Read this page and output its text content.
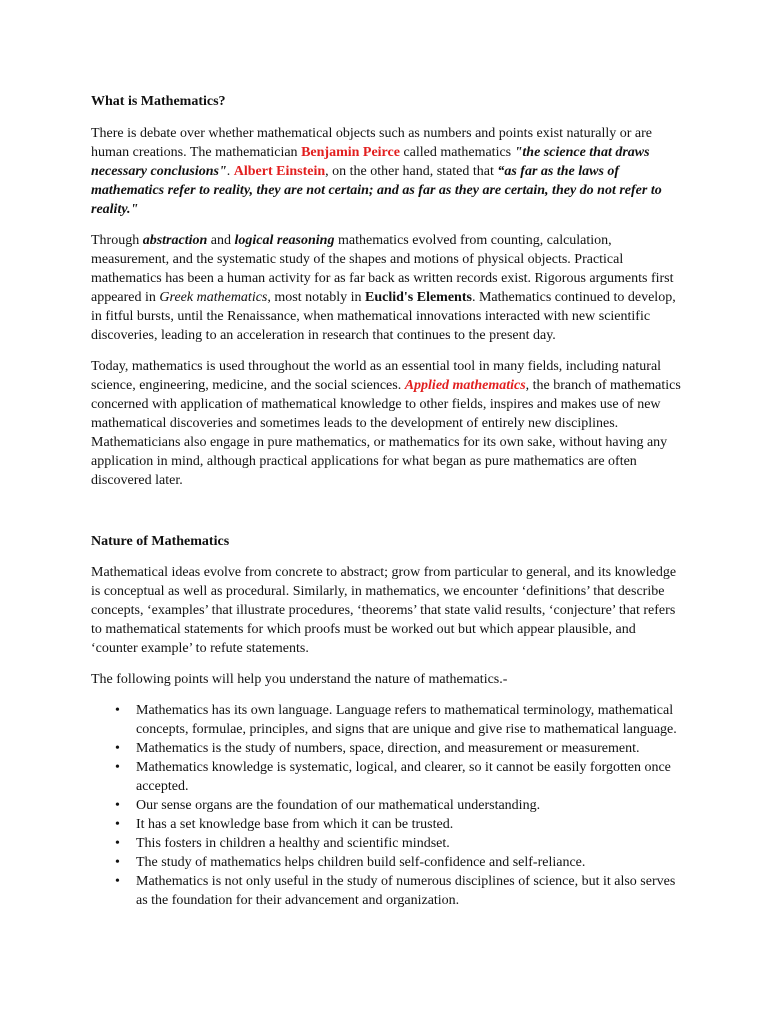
What is Mathematics?

There is debate over whether mathematical objects such as numbers and points exist naturally or are human creations. The mathematician Benjamin Peirce called mathematics "the science that draws necessary conclusions". Albert Einstein, on the other hand, stated that “as far as the laws of mathematics refer to reality, they are not certain; and as far as they are certain, they do not refer to reality."

Through abstraction and logical reasoning mathematics evolved from counting, calculation, measurement, and the systematic study of the shapes and motions of physical objects. Practical mathematics has been a human activity for as far back as written records exist. Rigorous arguments first appeared in Greek mathematics, most notably in Euclid's Elements. Mathematics continued to develop, in fitful bursts, until the Renaissance, when mathematical innovations interacted with new scientific discoveries, leading to an acceleration in research that continues to the present day.

Today, mathematics is used throughout the world as an essential tool in many fields, including natural science, engineering, medicine, and the social sciences. Applied mathematics, the branch of mathematics concerned with application of mathematical knowledge to other fields, inspires and makes use of new mathematical discoveries and sometimes leads to the development of entirely new disciplines. Mathematicians also engage in pure mathematics, or mathematics for its own sake, without having any application in mind, although practical applications for what began as pure mathematics are often discovered later.

Nature of Mathematics

Mathematical ideas evolve from concrete to abstract; grow from particular to general, and its knowledge is conceptual as well as procedural. Similarly, in mathematics, we encounter ‘definitions’ that describe concepts, ‘examples’ that illustrate procedures, ‘theorems’ that state valid results, ‘conjecture’ that refers to mathematical statements for which proofs must be worked out but which appear plausible, and ‘counter example’ to refute statements.

The following points will help you understand the nature of mathematics.-

•	Mathematics has its own language. Language refers to mathematical terminology, mathematical concepts, formulae, principles, and signs that are unique and give rise to mathematical language.
•	Mathematics is the study of numbers, space, direction, and measurement or measurement.
•	Mathematics knowledge is systematic, logical, and clearer, so it cannot be easily forgotten once accepted.
•	Our sense organs are the foundation of our mathematical understanding.
•	It has a set knowledge base from which it can be trusted.
•	This fosters in children a healthy and scientific mindset.
•	The study of mathematics helps children build self-confidence and self-reliance.
•	Mathematics is not only useful in the study of numerous disciplines of science, but it also serves as the foundation for their advancement and organization.
